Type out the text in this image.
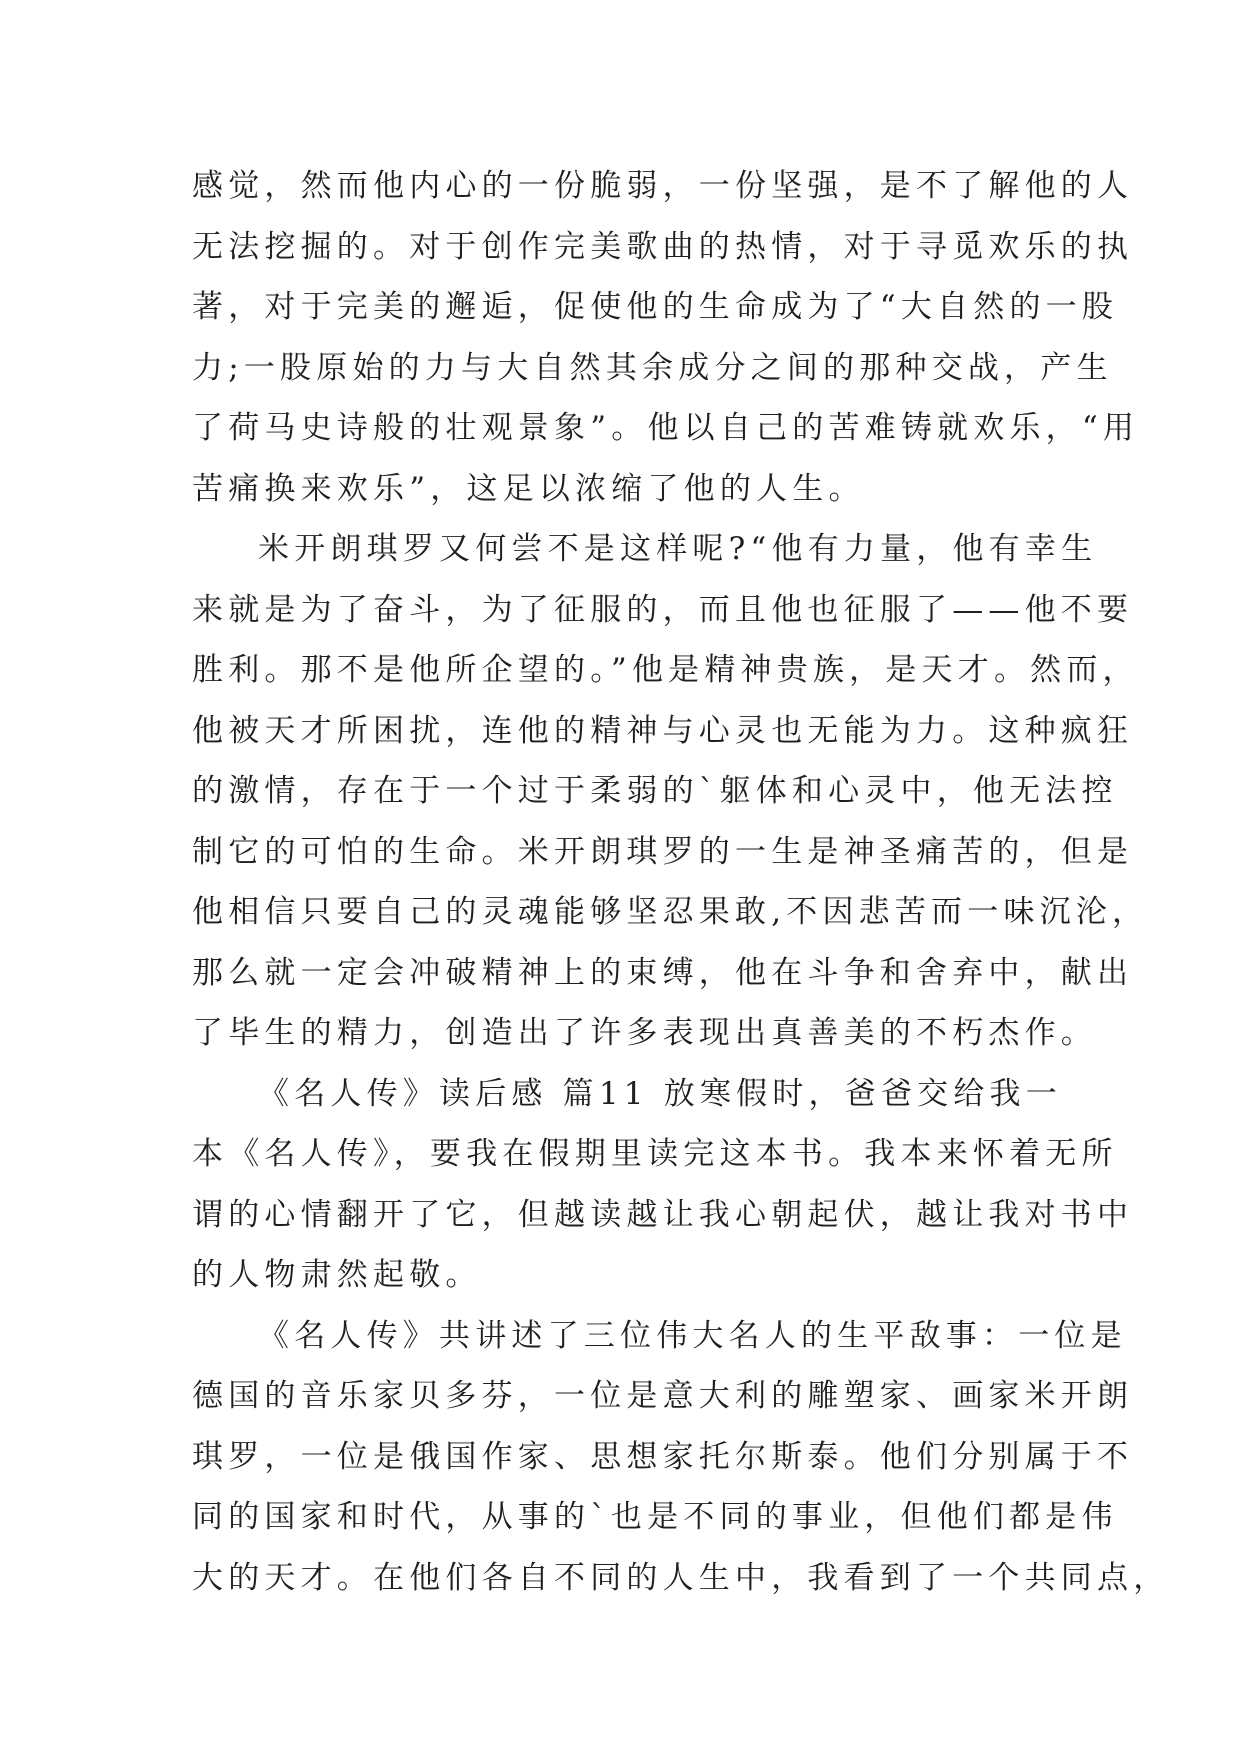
感觉，然而他内心的一份脆弱，一份坚强，是不了解他的人
无法挖掘的。对于创作完美歌曲的热情，对于寻觅欢乐的执
著，对于完美的邂逅，促使他的生命成为了“大自然的一股
力;一股原始的力与大自然其余成分之间的那种交战，产生
了荷马史诗般的壮观景象”。他以自己的苦难铸就欢乐，“用
苦痛换来欢乐”，这足以浓缩了他的人生。
米开朗琪罗又何尝不是这样呢?“他有力量，他有幸生
来就是为了奋斗，为了征服的，而且他也征服了——他不要
胜利。那不是他所企望的。”他是精神贵族，是天才。然而，
他被天才所困扰，连他的精神与心灵也无能为力。这种疯狂
的激情，存在于一个过于柔弱的`躯体和心灵中，他无法控
制它的可怕的生命。米开朗琪罗的一生是神圣痛苦的，但是
他相信只要自己的灵魂能够坚忍果敢,不因悲苦而一味沉沦，
那么就一定会冲破精神上的束缚，他在斗争和舍弃中，献出
了毕生的精力，创造出了许多表现出真善美的不朽杰作。
《名人传》读后感 篇11 放寒假时，爸爸交给我一
本《名人传》，要我在假期里读完这本书。我本来怀着无所
谓的心情翻开了它，但越读越让我心朝起伏，越让我对书中
的人物肃然起敬。
《名人传》共讲述了三位伟大名人的生平敌事：一位是
德国的音乐家贝多芬，一位是意大利的雕塑家、画家米开朗
琪罗，一位是俄国作家、思想家托尔斯泰。他们分别属于不
同的国家和时代，从事的`也是不同的事业，但他们都是伟
大的天才。在他们各自不同的人生中，我看到了一个共同点，
